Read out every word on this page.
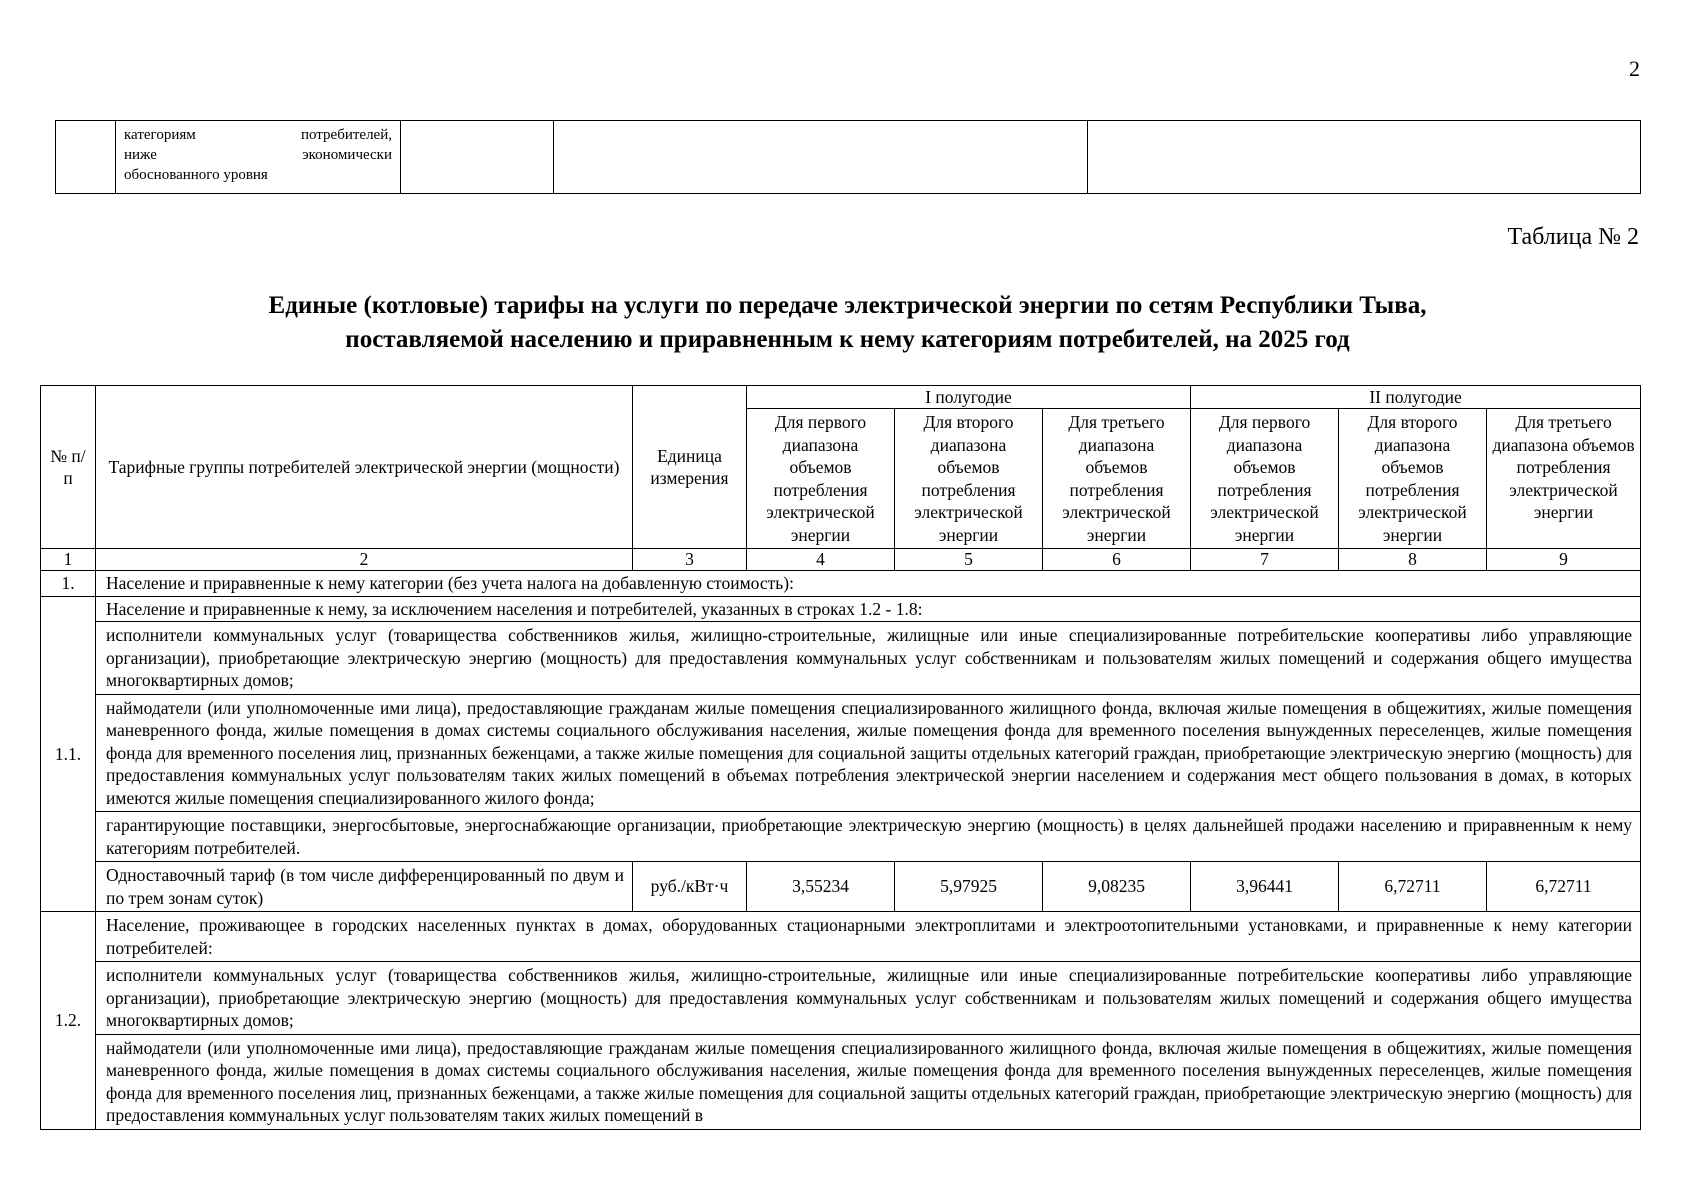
2

категориям потребителей,
ниже экономически
обоснованного уровня

Таблица № 2
Единые (котловые) тарифы на услуги по передаче электрической энергии по сетям Республики Тыва,
поставляемой населению и приравненным к нему категориям потребителей, на 2025 год
№ п/п	Тарифные группы потребителей электрической энергии (мощности)	Единица измерения	I полугодие			II полугодие		
			Для первого диапазона объемов потребления электрической энергии	Для второго диапазона объемов потребления электрической энергии	Для третьего диапазона объемов потребления электрической энергии	Для первого диапазона объемов потребления электрической энергии	Для второго диапазона объемов потребления электрической энергии	Для третьего диапазона объемов потребления электрической энергии
1	2	3	4	5	6	7	8	9
1.	Население и приравненные к нему категории (без учета налога на добавленную стоимость):							
1.1.	Население и приравненные к нему, за исключением населения и потребителей, указанных в строках 1.2 - 1.8:							
	исполнители коммунальных услуг (товарищества собственников жилья, жилищно-строительные, жилищные или иные специализированные потребительские кооперативы либо управляющие организации), приобретающие электрическую энергию (мощность) для предоставления коммунальных услуг собственникам и пользователям жилых помещений и содержания общего имущества многоквартирных домов;							
	наймодатели (или уполномоченные ими лица), предоставляющие гражданам жилые помещения специализированного жилищного фонда, включая жилые помещения в общежитиях, жилые помещения маневренного фонда, жилые помещения в домах системы социального обслуживания населения, жилые помещения фонда для временного поселения вынужденных переселенцев, жилые помещения фонда для временного поселения лиц, признанных беженцами, а также жилые помещения для социальной защиты отдельных категорий граждан, приобретающие электрическую энергию (мощность) для предоставления коммунальных услуг пользователям таких жилых помещений в объемах потребления электрической энергии населением и содержания мест общего пользования в домах, в которых имеются жилые помещения специализированного жилого фонда;							
	гарантирующие поставщики, энергосбытовые, энергоснабжающие организации, приобретающие электрическую энергию (мощность) в целях дальнейшей продажи населению и приравненным к нему категориям потребителей.							
	Одноставочный тариф (в том числе дифференцированный по двум и по трем зонам суток)	руб./кВт·ч	3,55234	5,97925	9,08235	3,96441	6,72711	6,72711
1.2.	Население, проживающее в городских населенных пунктах в домах, оборудованных стационарными электроплитами и электроотопительными установками, и приравненные к нему категории потребителей:							
	исполнители коммунальных услуг (товарищества собственников жилья, жилищно-строительные, жилищные или иные специализированные потребительские кооперативы либо управляющие организации), приобретающие электрическую энергию (мощность) для предоставления коммунальных услуг собственникам и пользователям жилых помещений и содержания общего имущества многоквартирных домов;							
	наймодатели (или уполномоченные ими лица), предоставляющие гражданам жилые помещения специализированного жилищного фонда, включая жилые помещения в общежитиях, жилые помещения маневренного фонда, жилые помещения в домах системы социального обслуживания населения, жилые помещения фонда для временного поселения вынужденных переселенцев, жилые помещения фонда для временного поселения лиц, признанных беженцами, а также жилые помещения для социальной защиты отдельных категорий граждан, приобретающие электрическую энергию (мощность) для предоставления коммунальных услуг пользователям таких жилых помещений в							
